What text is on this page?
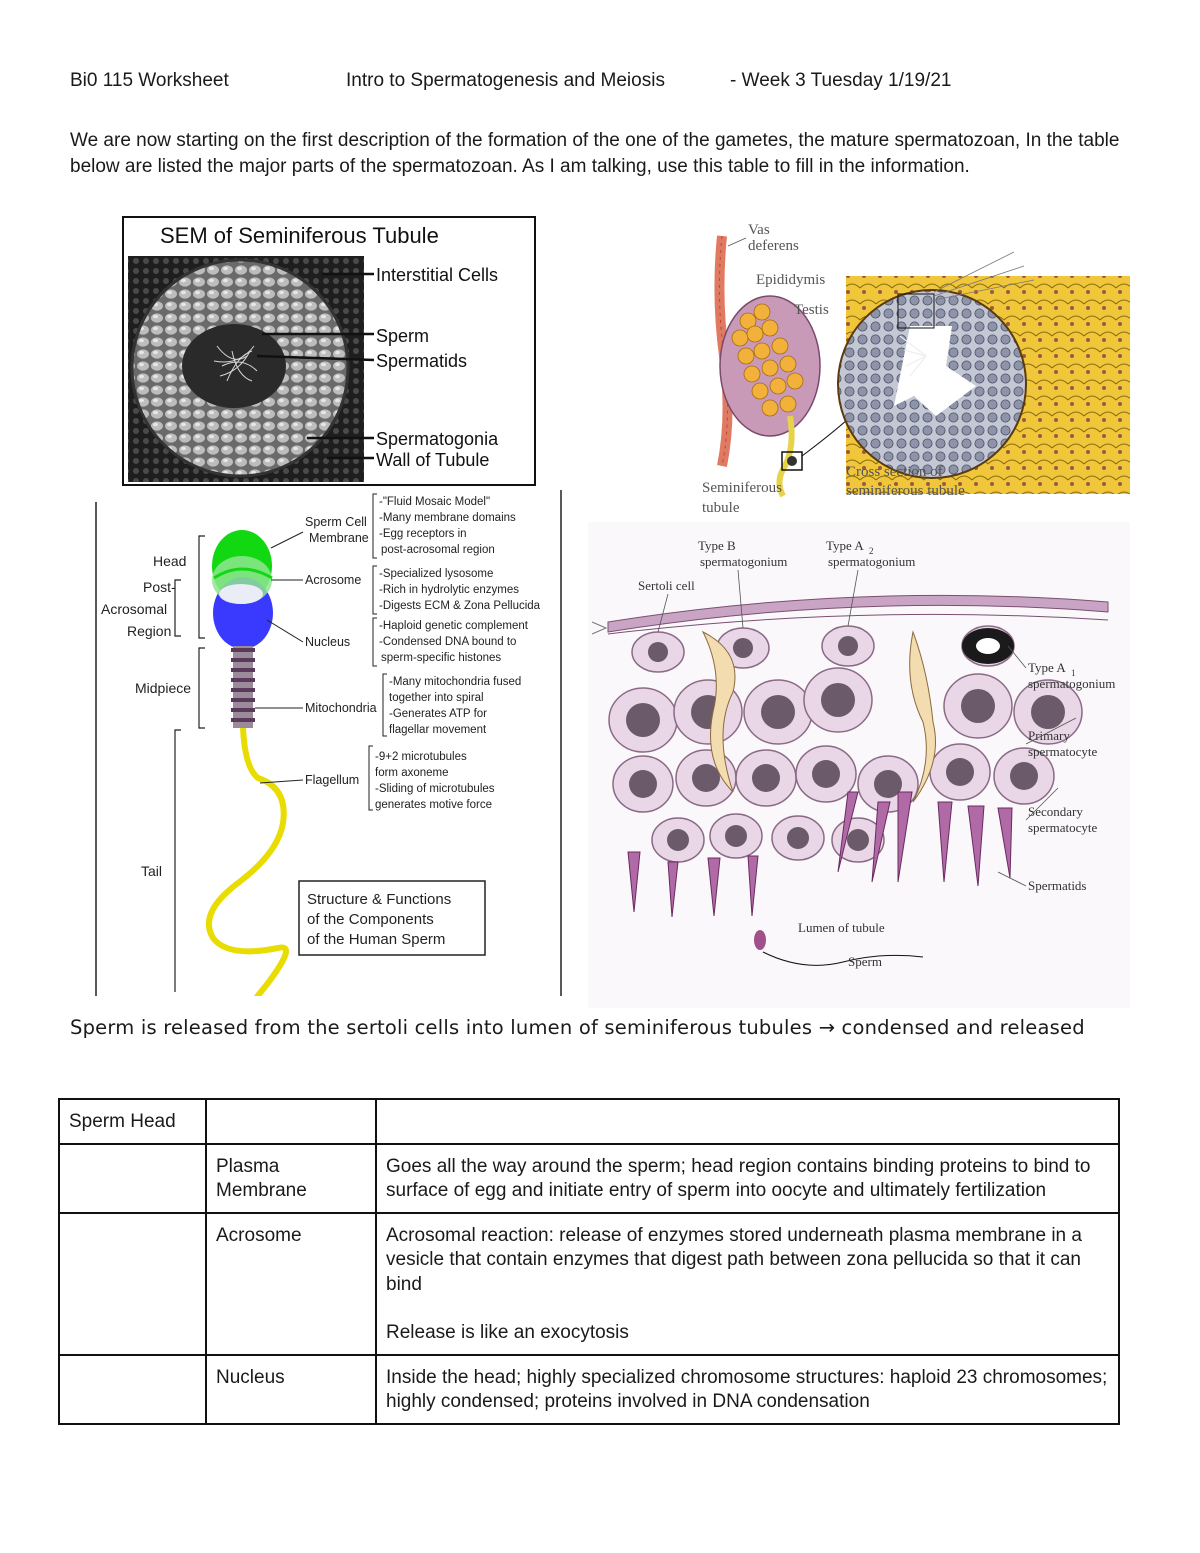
Bi0 115 Worksheet	Intro to Spermatogenesis and Meiosis	- Week 3 Tuesday 1/19/21
We are now starting on the first description of the formation of the one of the gametes, the mature spermatozoan, In the table below are listed the major parts of the spermatozoan. As I am talking, use this table to fill in the information.
SEM of Seminiferous Tubule
Interstitial Cells
Sperm
Spermatids
Spermatogonia
Wall of Tubule
Vas
deferens
Epididymis
Testis
Seminiferous
tubule
Cross section of
seminiferous tubule
Head
Post-
Acrosomal
Region
Midpiece
Tail
Sperm Cell
Membrane
Acrosome
Nucleus
Mitochondria
Flagellum
-"Fluid Mosaic Model"
-Many membrane domains
-Egg receptors in
post-acrosomal region
-Specialized lysosome
-Rich in hydrolytic enzymes
-Digests ECM & Zona Pellucida
-Haploid genetic complement
-Condensed DNA bound to
sperm-specific histones
-Many mitochondria fused
together into spiral
-Generates ATP for
flagellar movement
-9+2 microtubules
form axoneme
-Sliding of microtubules
generates motive force
Structure & Functions
of the Components
of the Human Sperm
Type B
spermatogonium
Type A 2
spermatogonium
Sertoli cell
Type A 1
spermatogonium
Primary
spermatocyte
Secondary
spermatocyte
Spermatids
Lumen of tubule
Sperm
Sperm is released from the sertoli cells into lumen of seminiferous tubules → condensed and released
Sperm Head		
	Plasma Membrane	Goes all the way around the sperm; head region contains binding proteins to bind to surface of egg and initiate entry of sperm into oocyte and ultimately fertilization
	Acrosome	Acrosomal reaction: release of enzymes stored underneath plasma membrane in a vesicle that contain enzymes that digest path between zona pellucida so that it can bind
Release is like an exocytosis

	Nucleus	Inside the head; highly specialized chromosome structures: haploid 23 chromosomes; highly condensed; proteins involved in DNA condensation
